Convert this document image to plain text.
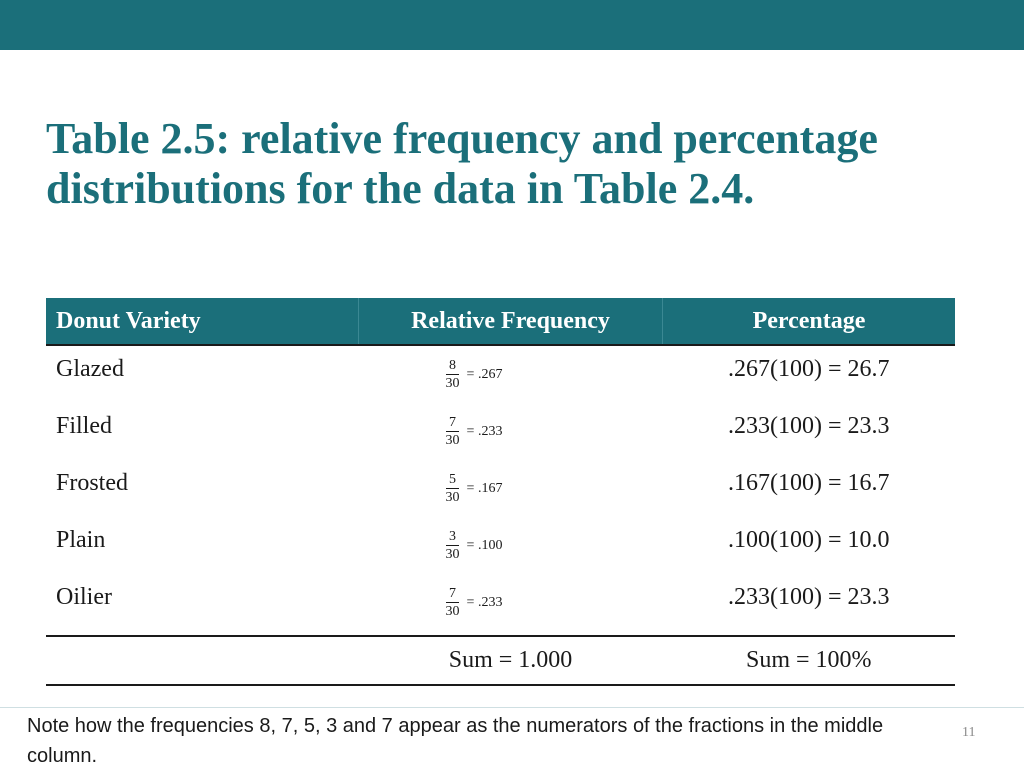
Table 2.5: relative frequency and percentage
distributions for the data in Table 2.4.
Donut Variety	Relative Frequency	Percentage
Glazed	$\frac{8}{30} = .267$	.267(100) = 26.7
Filled	$\frac{7}{30} = .233$	.233(100) = 23.3
Frosted	$\frac{5}{30} = .167$	.167(100) = 16.7
Plain	$\frac{3}{30} = .100$	.100(100) = 10.0
Oilier	$\frac{7}{30} = .233$	.233(100) = 23.3

	Sum = 1.000	Sum = 100%
Note how the frequencies 8, 7, 5, 3 and 7 appear as the numerators of the fractions in the middle column.
11
